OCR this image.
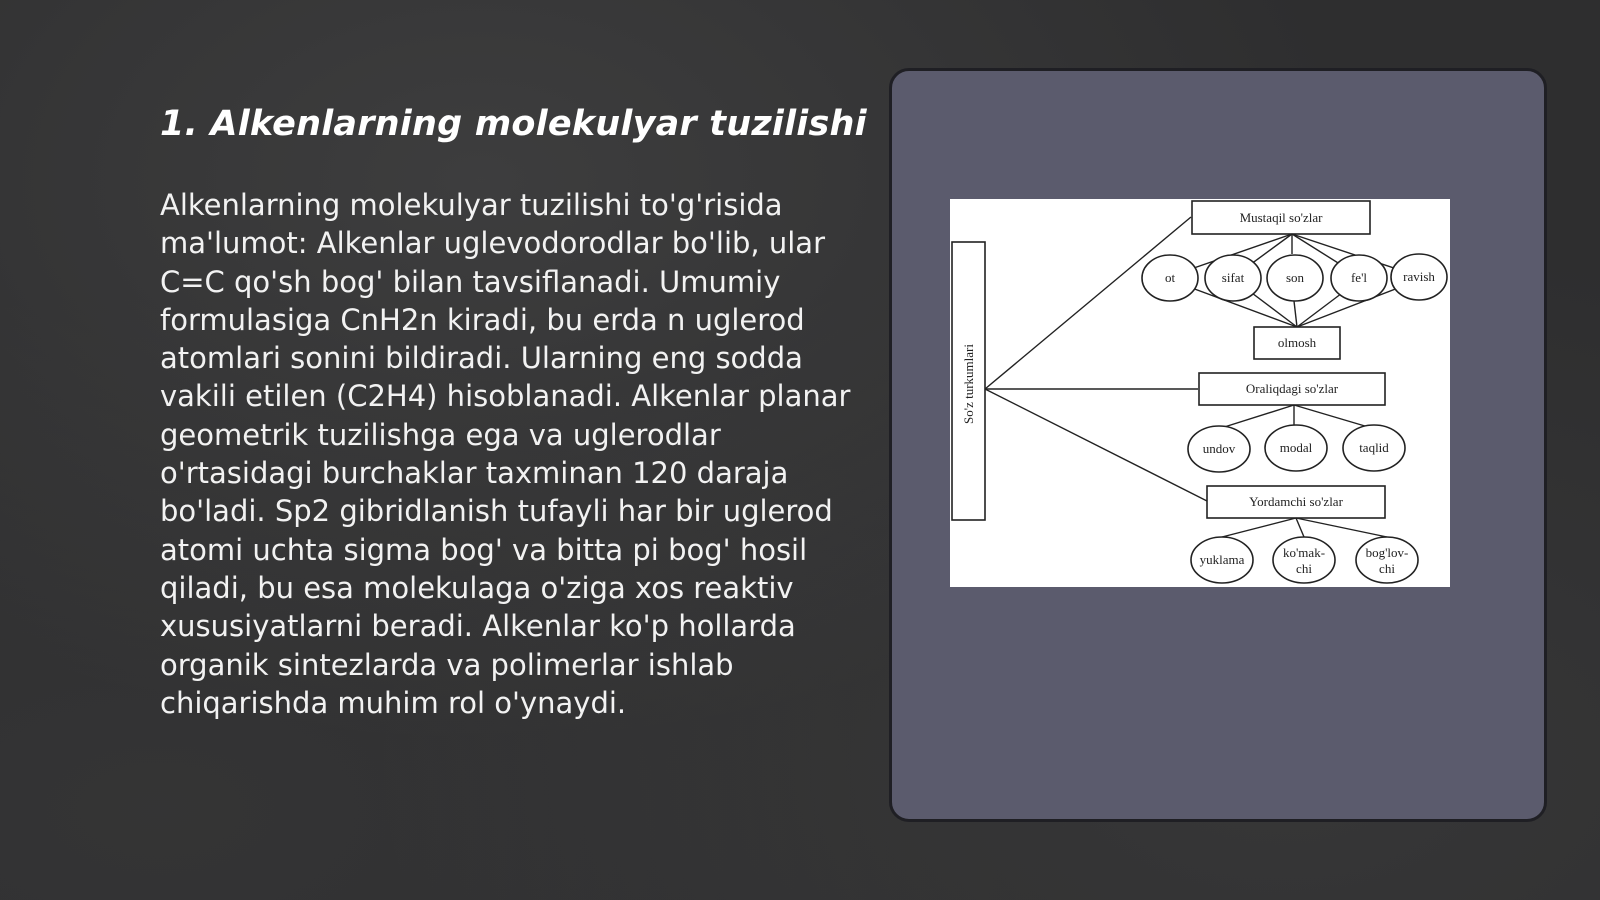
1. Alkenlarning molekulyar tuzilishi

Alkenlarning molekulyar tuzilishi to'g'risida ma'lumot: Alkenlar uglevodorodlar bo'lib, ular C=C qo'sh bog' bilan tavsiflanadi. Umumiy formulasiga CnH2n kiradi, bu erda n uglerod atomlari sonini bildiradi. Ularning eng sodda vakili etilen (C2H4) hisoblanadi. Alkenlar planar geometrik tuzilishga ega va uglerodlar o'rtasidagi burchaklar taxminan 120 daraja bo'ladi. Sp2 gibridlanish tufayli har bir uglerod atomi uchta sigma bog' va bitta pi bog' hosil qiladi, bu esa molekulaga o'ziga xos reaktiv xususiyatlarni beradi. Alkenlar ko'p hollarda organik sintezlarda va polimerlar ishlab chiqarishda muhim rol o'ynaydi.

So'z turkumlari
Mustaqil so'zlar
ot	sifat	son	fe'l	ravish
olmosh
Oraliqdagi so'zlar
undov	modal	taqlid
Yordamchi so'zlar
yuklama	ko'mak-
chi
bog'lov-
chi
